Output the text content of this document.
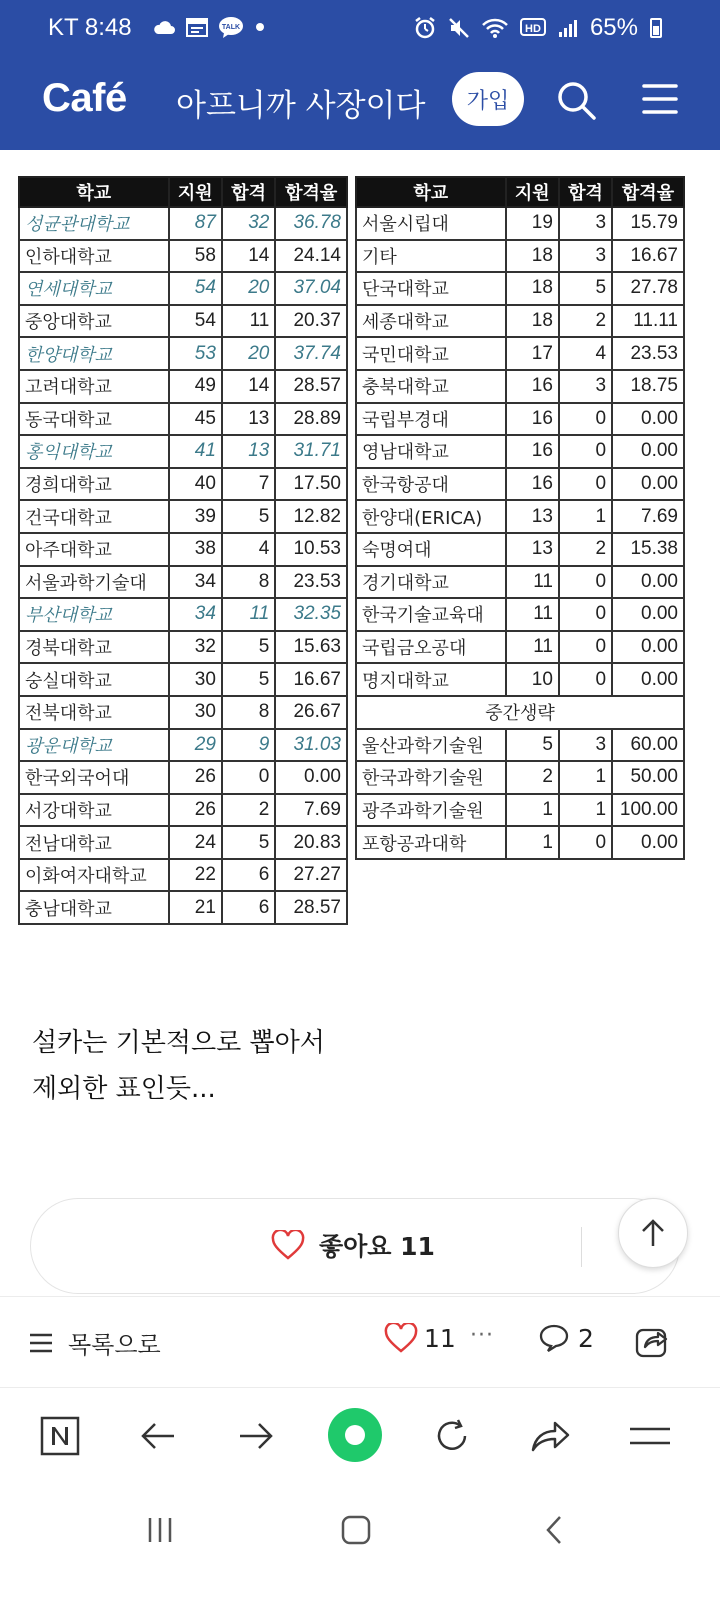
KT 8:48	TALK	HD 65%
Café 아프니까 사장이다	가입
학교	지원	합격	합격율
성균관대학교	87	32	36.78
인하대학교	58	14	24.14
연세대학교	54	20	37.04
중앙대학교	54	11	20.37
한양대학교	53	20	37.74
고려대학교	49	14	28.57
동국대학교	45	13	28.89
홍익대학교	41	13	31.71
경희대학교	40	7	17.50
건국대학교	39	5	12.82
아주대학교	38	4	10.53
서울과학기술대	34	8	23.53
부산대학교	34	11	32.35
경북대학교	32	5	15.63
숭실대학교	30	5	16.67
전북대학교	30	8	26.67
광운대학교	29	9	31.03
한국외국어대	26	0	0.00
서강대학교	26	2	7.69
전남대학교	24	5	20.83
이화여자대학교	22	6	27.27
충남대학교	21	6	28.57
학교	지원	합격	합격율
서울시립대	19	3	15.79
기타	18	3	16.67
단국대학교	18	5	27.78
세종대학교	18	2	11.11
국민대학교	17	4	23.53
충북대학교	16	3	18.75
국립부경대	16	0	0.00
영남대학교	16	0	0.00
한국항공대	16	0	0.00
한양대(ERICA)	13	1	7.69
숙명여대	13	2	15.38
경기대학교	11	0	0.00
한국기술교육대	11	0	0.00
국립금오공대	11	0	0.00
명지대학교	10	0	0.00
중간생략			
울산과학기술원	5	3	60.00
한국과학기술원	2	1	50.00
광주과학기술원	1	1	100.00
포항공과대학	1	0	0.00
설카는 기본적으로 뽑아서
제외한 표인듯...
좋아요 11
목록으로	11 ···	2
